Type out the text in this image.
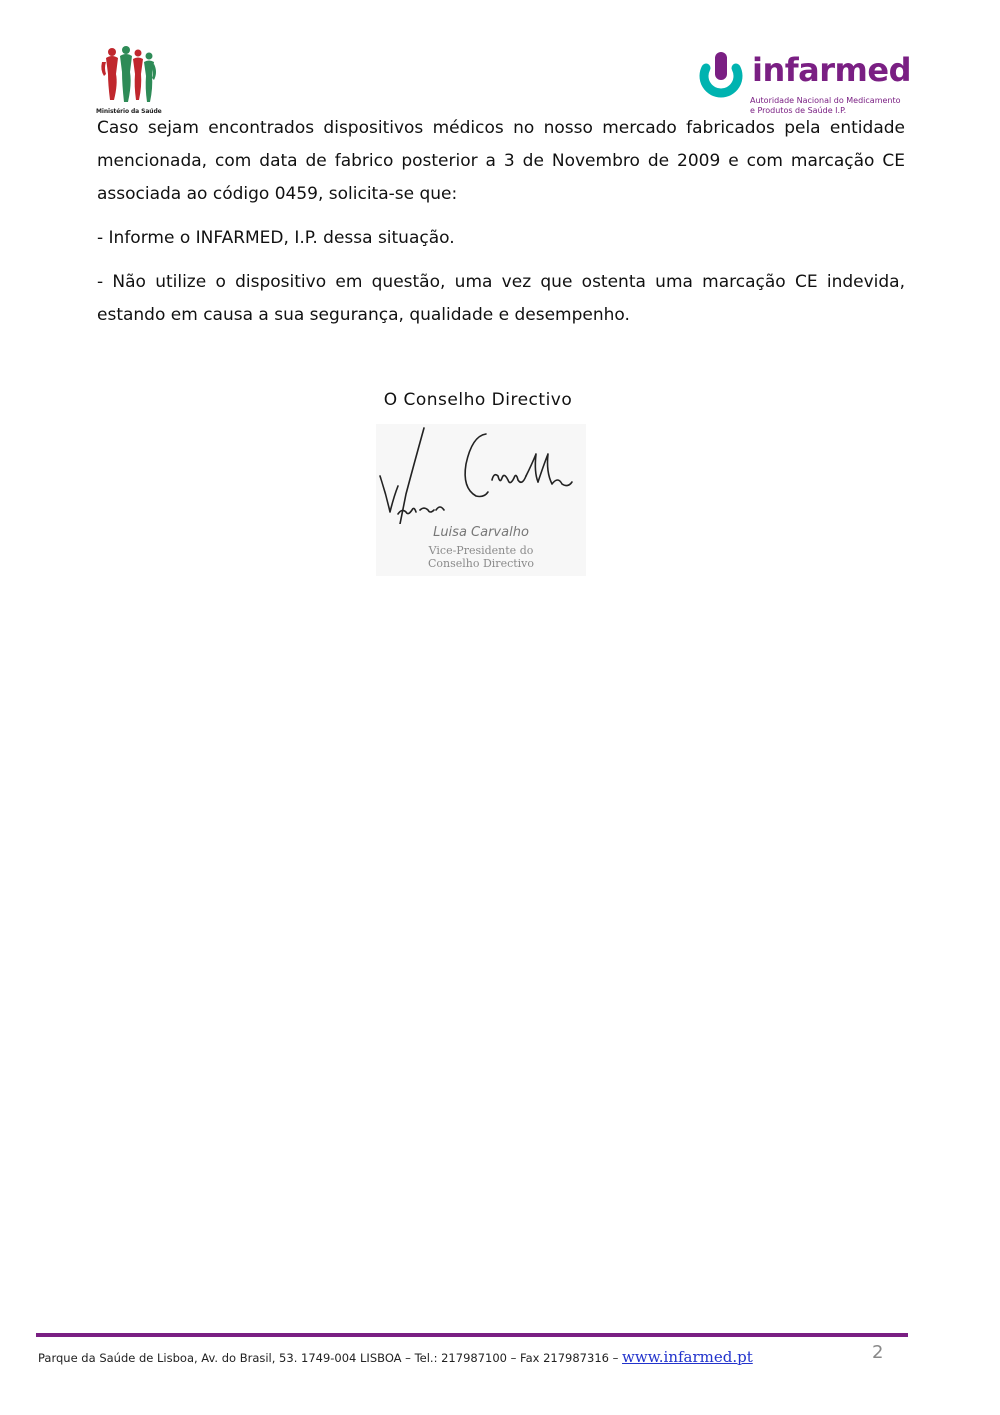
Ministério da Saúde
infarmed
Autoridade Nacional do Medicamento
e Produtos de Saúde I.P.

Caso sejam encontrados dispositivos médicos no nosso mercado fabricados pela entidade mencionada, com data de fabrico posterior a 3 de Novembro de 2009 e com marcação CE associada ao código 0459, solicita-se que:

- Informe o INFARMED, I.P. dessa situação.

- Não utilize o dispositivo em questão, uma vez que ostenta uma marcação CE indevida, estando em causa a sua segurança, qualidade e desempenho.

O Conselho Directivo
Luisa Carvalho
Vice-Presidente do
Conselho Directivo
Parque da Saúde de Lisboa, Av. do Brasil, 53. 1749-004 LISBOA – Tel.: 217987100 – Fax 217987316 – www.infarmed.pt	2
